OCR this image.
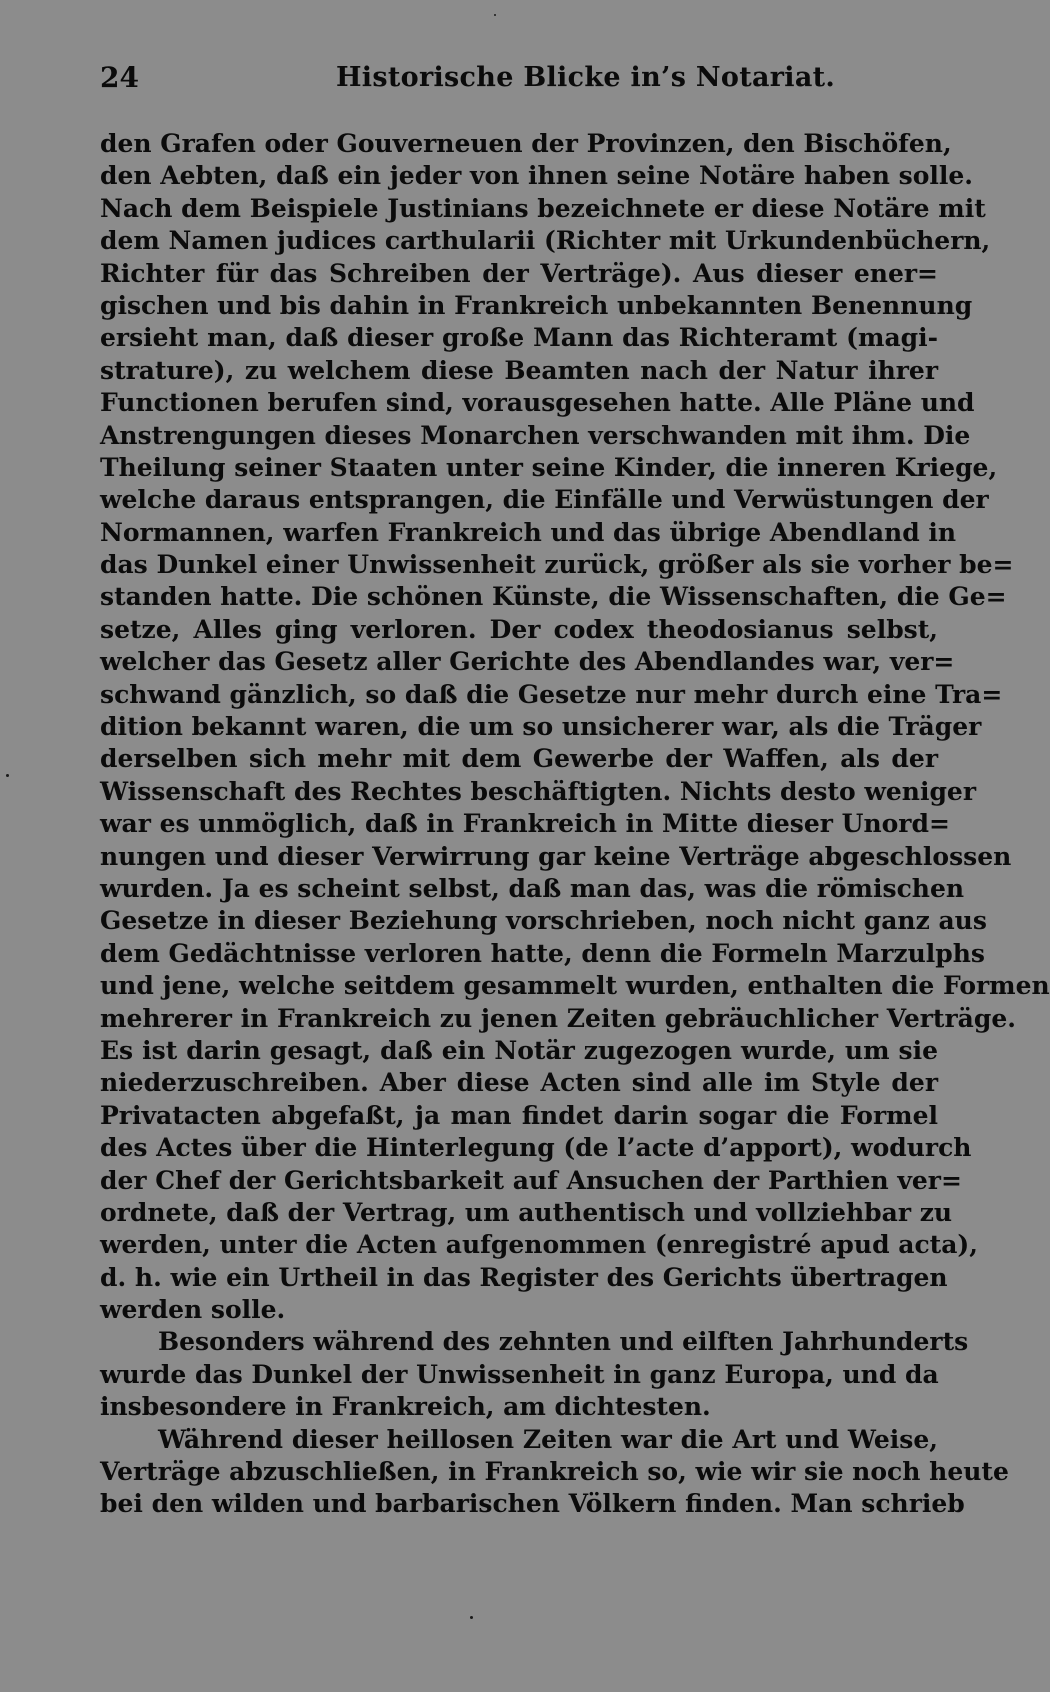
24	Historische Blicke in’s Notariat.
den Grafen oder Gouverneuen der Provinzen, den Bischöfen,
den Aebten, daß ein jeder von ihnen seine Notäre haben solle.
Nach dem Beispiele Justinians bezeichnete er diese Notäre mit
dem Namen judices carthularii (Richter mit Urkundenbüchern,
Richter für das Schreiben der Verträge). Aus dieser ener=
gischen und bis dahin in Frankreich unbekannten Benennung
ersieht man, daß dieser große Mann das Richteramt (magi-
strature), zu welchem diese Beamten nach der Natur ihrer
Functionen berufen sind, vorausgesehen hatte. Alle Pläne und
Anstrengungen dieses Monarchen verschwanden mit ihm. Die
Theilung seiner Staaten unter seine Kinder, die inneren Kriege,
welche daraus entsprangen, die Einfälle und Verwüstungen der
Normannen, warfen Frankreich und das übrige Abendland in
das Dunkel einer Unwissenheit zurück, größer als sie vorher be=
standen hatte. Die schönen Künste, die Wissenschaften, die Ge=
setze, Alles ging verloren. Der codex theodosianus selbst,
welcher das Gesetz aller Gerichte des Abendlandes war, ver=
schwand gänzlich, so daß die Gesetze nur mehr durch eine Tra=
dition bekannt waren, die um so unsicherer war, als die Träger
derselben sich mehr mit dem Gewerbe der Waffen, als der
Wissenschaft des Rechtes beschäftigten. Nichts desto weniger
war es unmöglich, daß in Frankreich in Mitte dieser Unord=
nungen und dieser Verwirrung gar keine Verträge abgeschlossen
wurden. Ja es scheint selbst, daß man das, was die römischen
Gesetze in dieser Beziehung vorschrieben, noch nicht ganz aus
dem Gedächtnisse verloren hatte, denn die Formeln Marzulphs
und jene, welche seitdem gesammelt wurden, enthalten die Formen
mehrerer in Frankreich zu jenen Zeiten gebräuchlicher Verträge.
Es ist darin gesagt, daß ein Notär zugezogen wurde, um sie
niederzuschreiben. Aber diese Acten sind alle im Style der
Privatacten abgefaßt, ja man findet darin sogar die Formel
des Actes über die Hinterlegung (de l’acte d’apport), wodurch
der Chef der Gerichtsbarkeit auf Ansuchen der Parthien ver=
ordnete, daß der Vertrag, um authentisch und vollziehbar zu
werden, unter die Acten aufgenommen (enregistré apud acta),
d. h. wie ein Urtheil in das Register des Gerichts übertragen
werden solle.
Besonders während des zehnten und eilften Jahrhunderts
wurde das Dunkel der Unwissenheit in ganz Europa, und da
insbesondere in Frankreich, am dichtesten.
Während dieser heillosen Zeiten war die Art und Weise,
Verträge abzuschließen, in Frankreich so, wie wir sie noch heute
bei den wilden und barbarischen Völkern finden. Man schrieb
